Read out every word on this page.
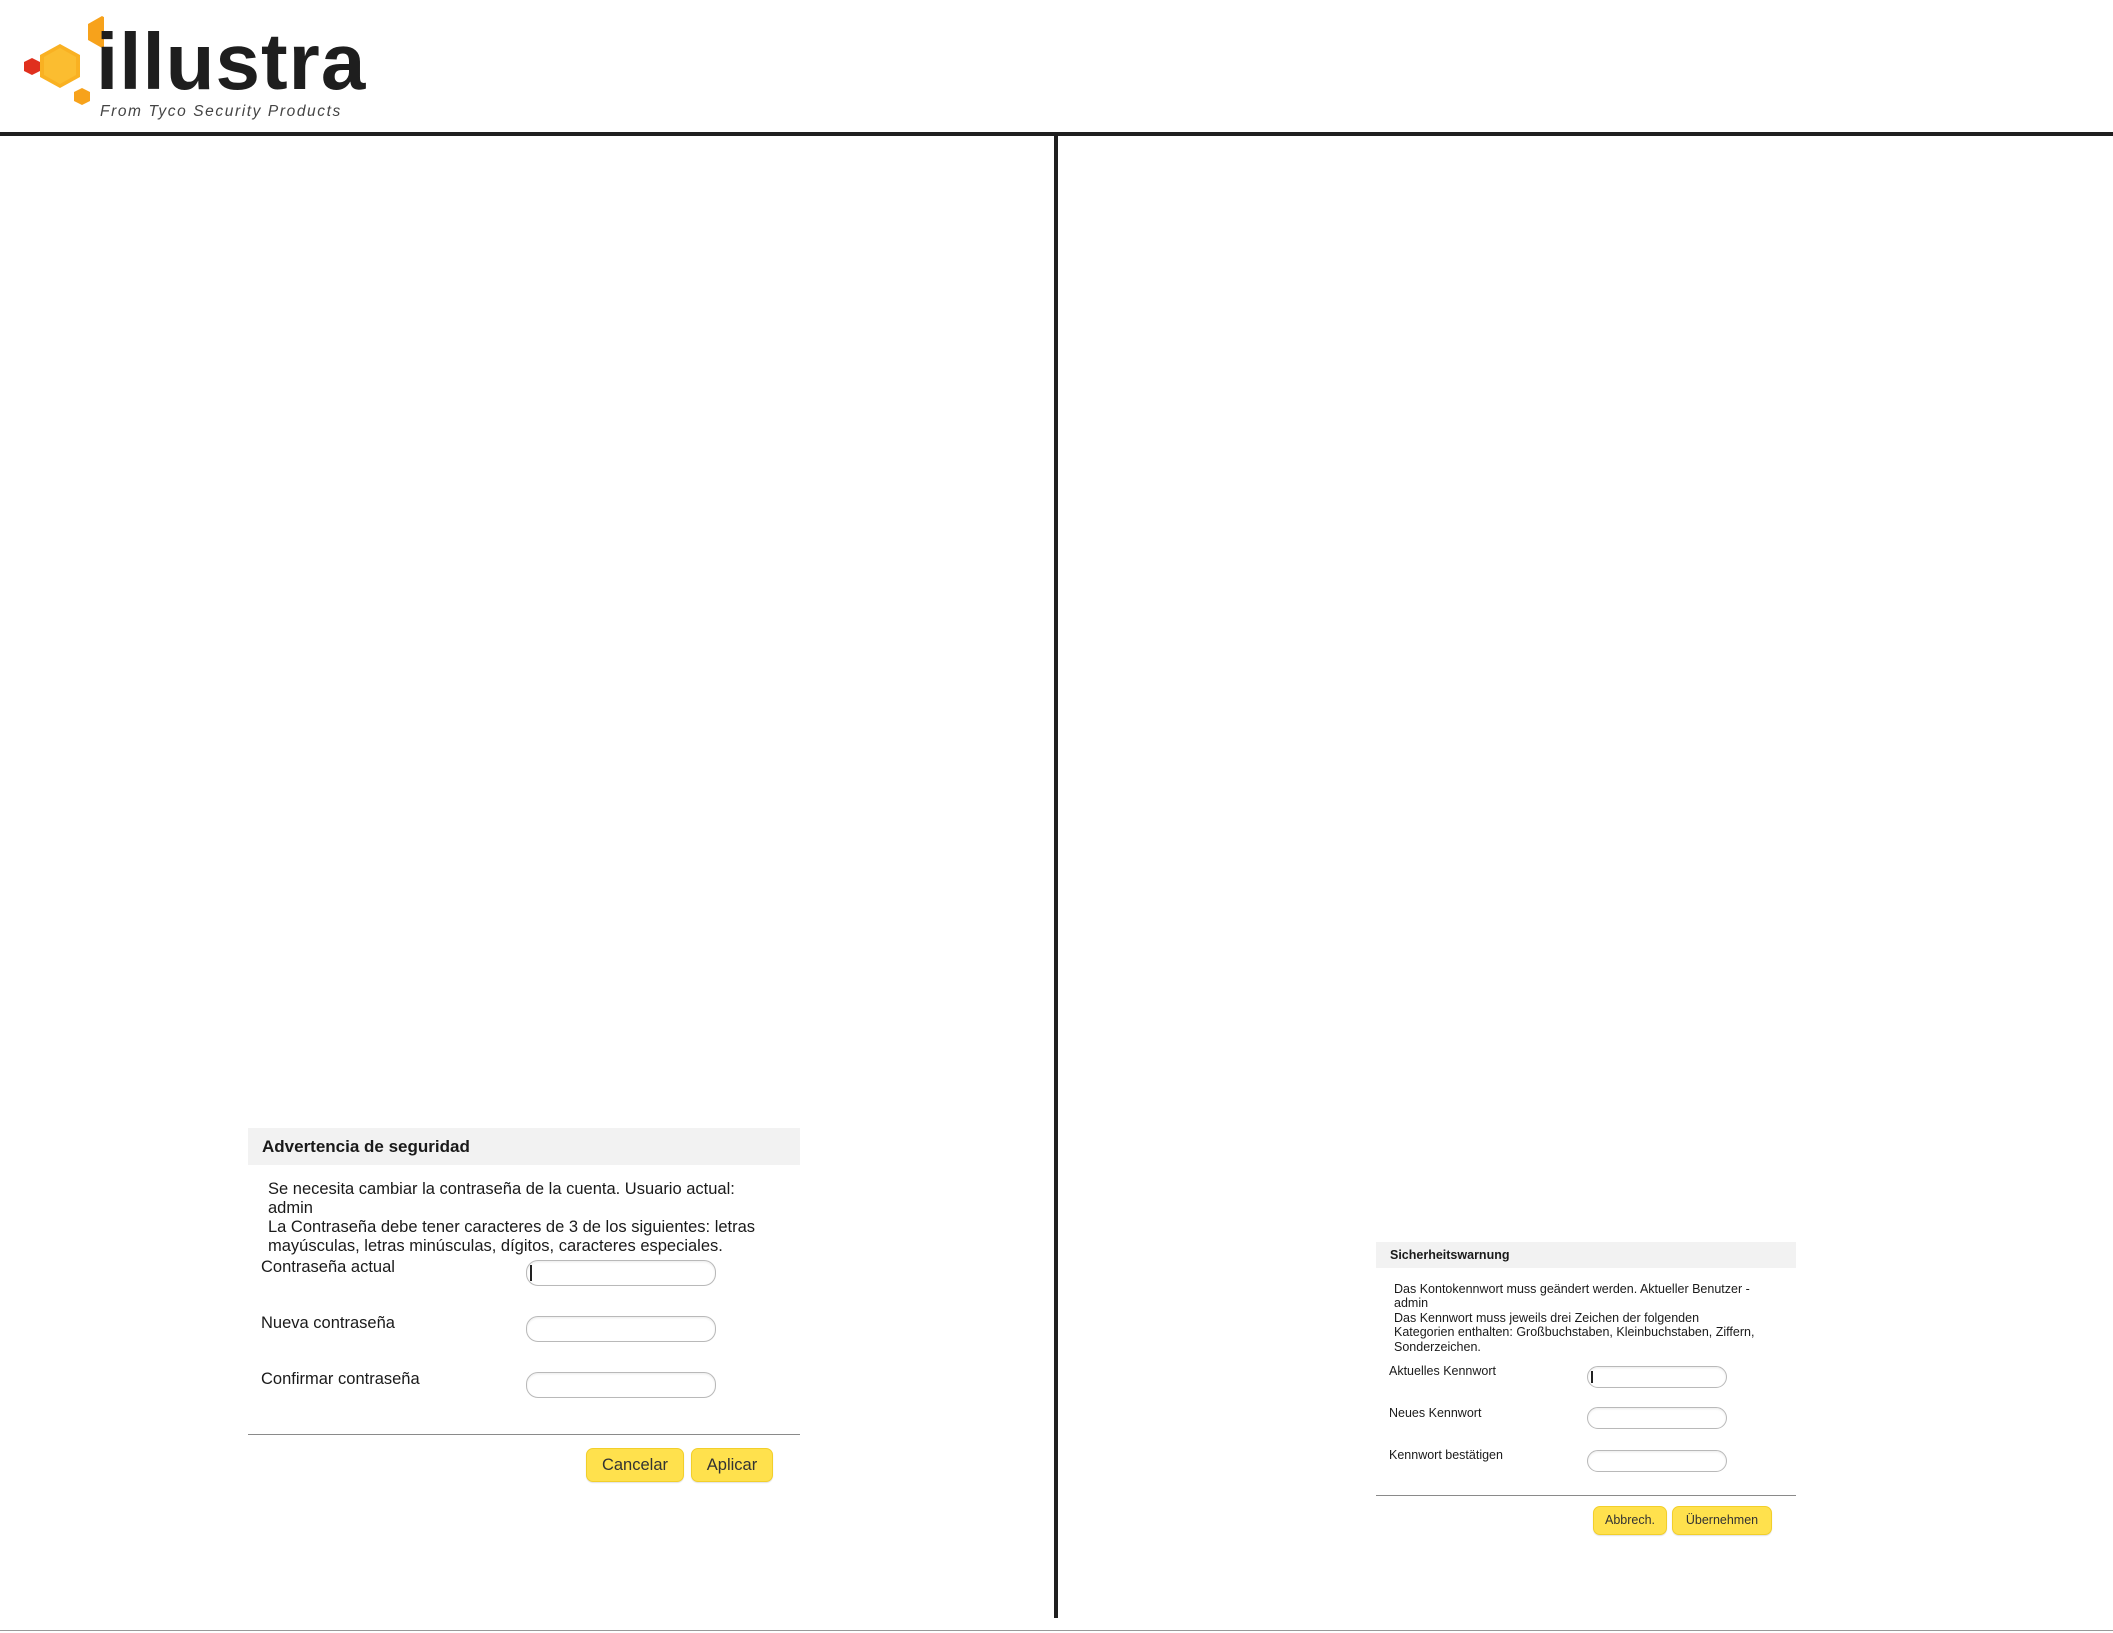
illustra
From Tyco Security Products
Advertencia de seguridad
Se necesita cambiar la contraseña de la cuenta. Usuario actual:
admin
La Contraseña debe tener caracteres de 3 de los siguientes: letras
mayúsculas, letras minúsculas, dígitos, caracteres especiales.
Contraseña actual
Nueva contraseña
Confirmar contraseña
Cancelar	Aplicar
Sicherheitswarnung
Das Kontokennwort muss geändert werden. Aktueller Benutzer -
admin
Das Kennwort muss jeweils drei Zeichen der folgenden
Kategorien enthalten: Großbuchstaben, Kleinbuchstaben, Ziffern,
Sonderzeichen.
Aktuelles Kennwort
Neues Kennwort
Kennwort bestätigen
Abbrech.	Übernehmen
